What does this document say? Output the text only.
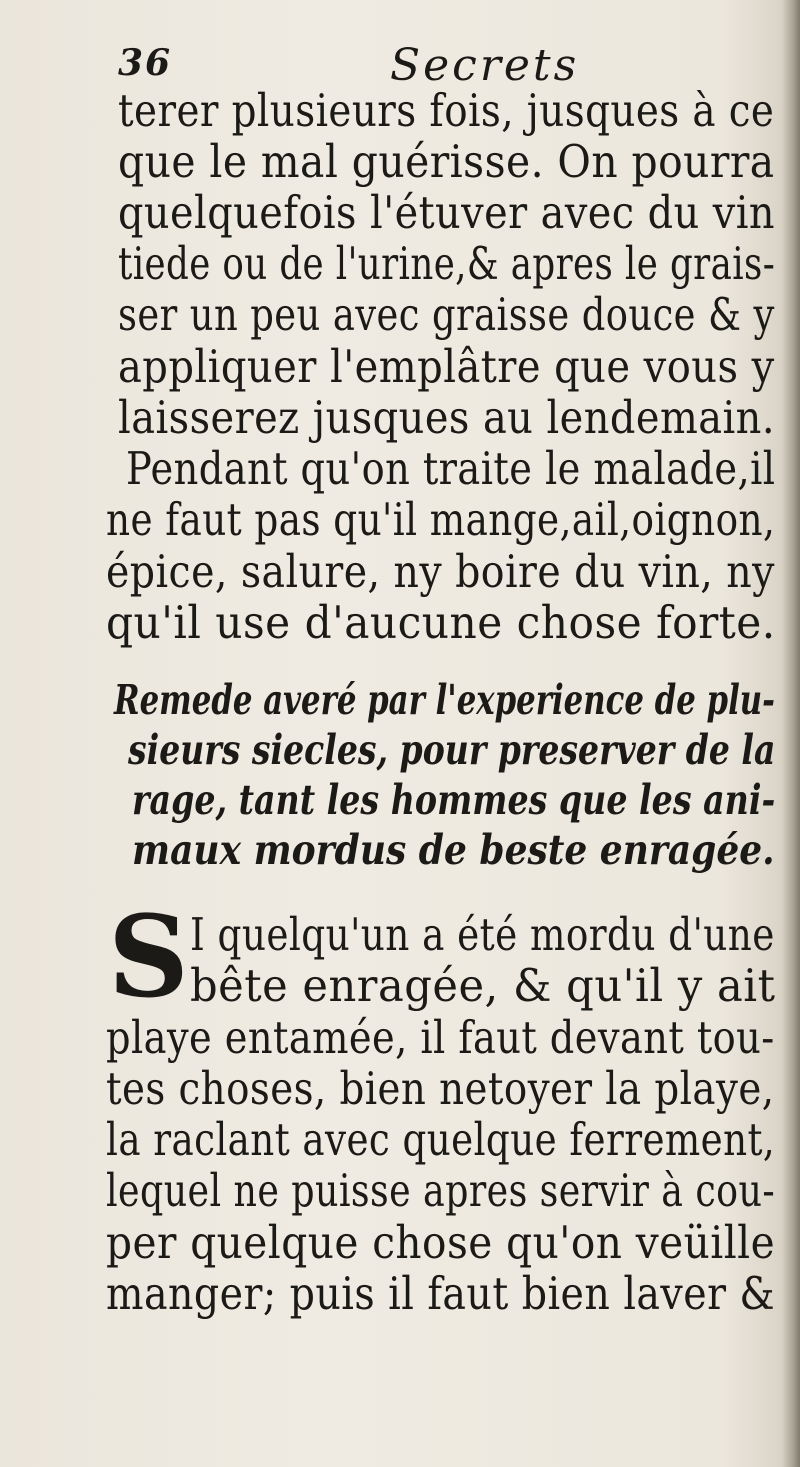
36	Secrets
terer plusieurs fois, jusques à ce
que le mal guérisse. On pourra
quelquefois l'étuver avec du vin
tiede ou de l'urine,& apres le grais-
ser un peu avec graisse douce & y
appliquer l'emplâtre que vous y
laisserez jusques au lendemain.
Pendant qu'on traite le malade,il
ne faut pas qu'il mange,ail,oignon,
épice, salure, ny boire du vin, ny
qu'il use d'aucune chose forte.
Remede averé par l'experience de plu-
sieurs siecles, pour preserver de la
rage, tant les hommes que les ani-
maux mordus de beste enragée.
S I quelqu'un a été mordu d'une
bête enragée, & qu'il y ait
playe entamée, il faut devant tou-
tes choses, bien netoyer la playe,
la raclant avec quelque ferrement,
lequel ne puisse apres servir à cou-
per quelque chose qu'on veüille
manger; puis il faut bien laver &
